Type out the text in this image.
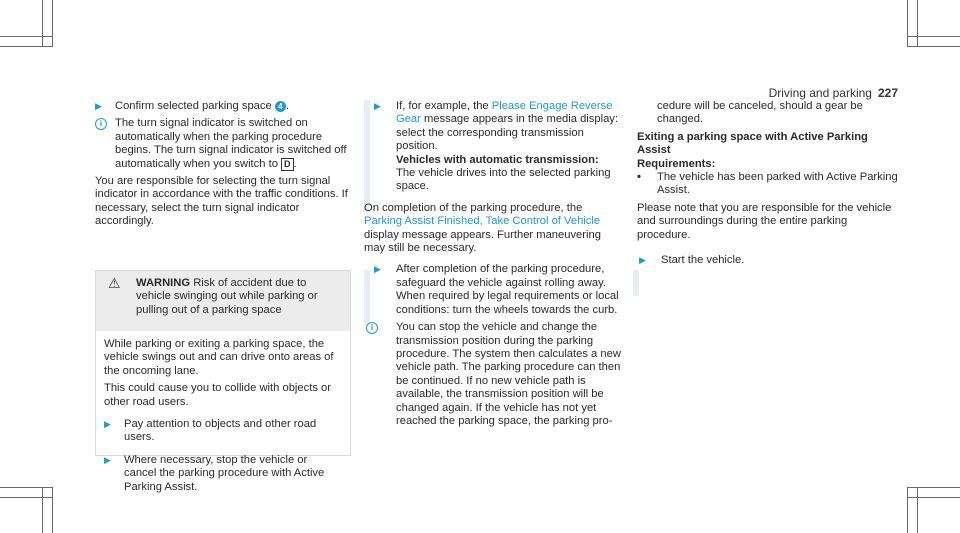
Driving and parking 227
▶	Confirm selected parking space 4 .
i	The turn signal indicator is switched on automatically when the parking procedure begins. The turn signal indicator is switched off automatically when you switch to D .
You are responsible for selecting the turn signal indicator in accordance with the traffic conditions. If necessary, select the turn signal indicator accordingly.
⚠	WARNING Risk of accident due to vehicle swinging out while parking or pulling out of a parking space
While parking or exiting a parking space, the vehicle swings out and can drive onto areas of the oncoming lane.
This could cause you to collide with objects or other road users.
▶	Pay attention to objects and other road users.
▶	Where necessary, stop the vehicle or cancel the parking procedure with Active Parking Assist.
▶	If, for example, the Please Engage Reverse Gear message appears in the media display: select the corresponding transmission position.
Vehicles with automatic transmission:
The vehicle drives into the selected parking space.
On completion of the parking procedure, the Parking Assist Finished, Take Control of Vehicle display message appears. Further maneuvering may still be necessary.
▶	After completion of the parking procedure, safeguard the vehicle against rolling away. When required by legal requirements or local conditions: turn the wheels towards the curb.
i	You can stop the vehicle and change the transmission position during the parking procedure. The system then calculates a new vehicle path. The parking procedure can then be continued. If no new vehicle path is available, the transmission position will be changed again. If the vehicle has not yet reached the parking space, the parking pro-
cedure will be canceled, should a gear be changed.
Exiting a parking space with Active Parking Assist
Requirements:
•	The vehicle has been parked with Active Parking Assist.
Please note that you are responsible for the vehicle and surroundings during the entire parking procedure.
▶	Start the vehicle.
